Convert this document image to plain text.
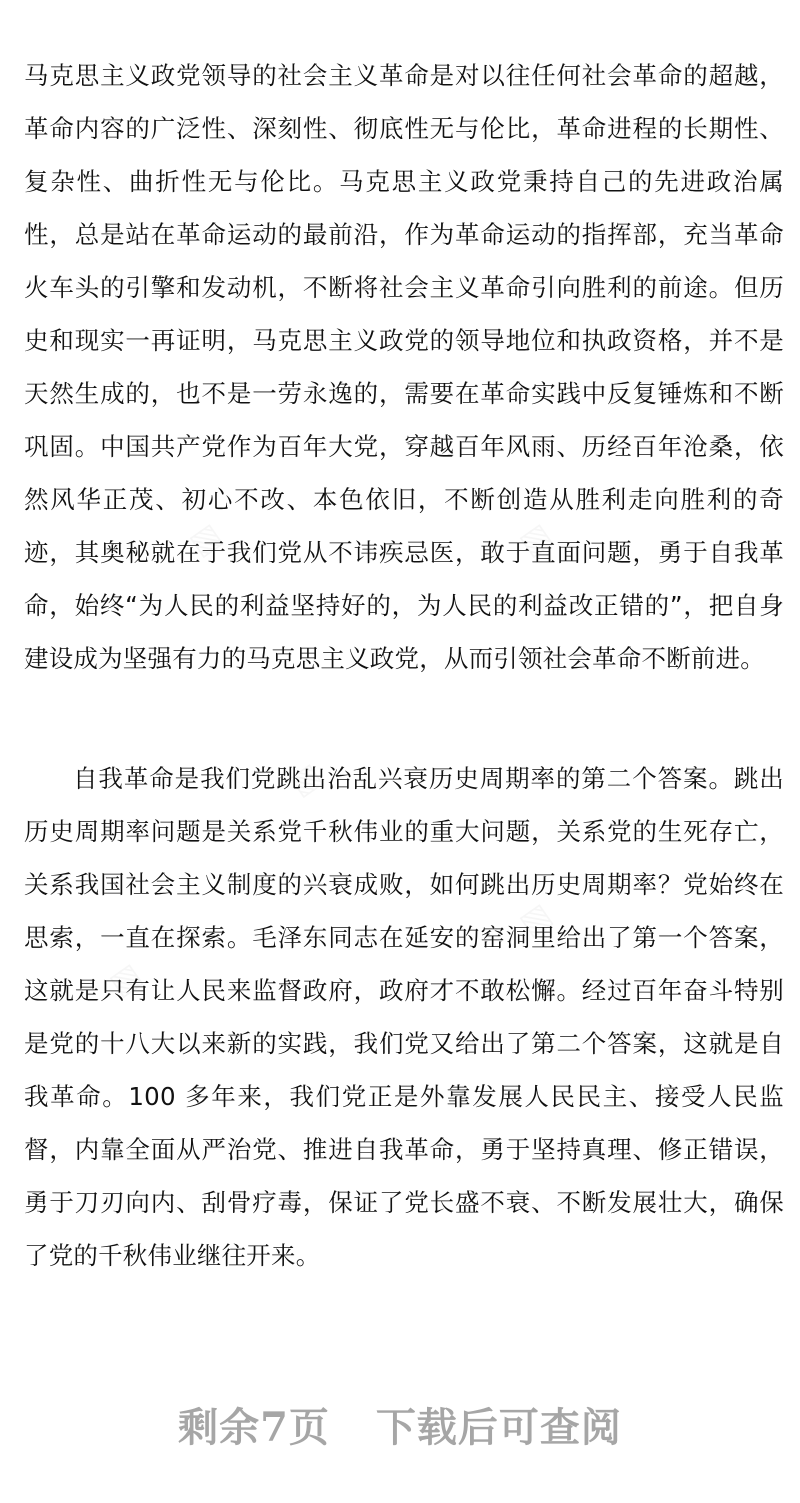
马克思主义政党领导的社会主义革命是对以往任何社会革命的超越，革命内容的广泛性、深刻性、彻底性无与伦比，革命进程的长期性、复杂性、曲折性无与伦比。马克思主义政党秉持自己的先进政治属性，总是站在革命运动的最前沿，作为革命运动的指挥部，充当革命火车头的引擎和发动机，不断将社会主义革命引向胜利的前途。但历史和现实一再证明，马克思主义政党的领导地位和执政资格，并不是天然生成的，也不是一劳永逸的，需要在革命实践中反复锤炼和不断巩固。中国共产党作为百年大党，穿越百年风雨、历经百年沧桑，依然风华正茂、初心不改、本色依旧，不断创造从胜利走向胜利的奇迹，其奥秘就在于我们党从不讳疾忌医，敢于直面问题，勇于自我革命，始终“为人民的利益坚持好的，为人民的利益改正错的”，把自身建设成为坚强有力的马克思主义政党，从而引领社会革命不断前进。

自我革命是我们党跳出治乱兴衰历史周期率的第二个答案。跳出历史周期率问题是关系党千秋伟业的重大问题，关系党的生死存亡，关系我国社会主义制度的兴衰成败，如何跳出历史周期率？党始终在思索，一直在探索。毛泽东同志在延安的窑洞里给出了第一个答案，这就是只有让人民来监督政府，政府才不敢松懈。经过百年奋斗特别是党的十八大以来新的实践，我们党又给出了第二个答案，这就是自我革命。100 多年来，我们党正是外靠发展人民民主、接受人民监督，内靠全面从严治党、推进自我革命，勇于坚持真理、修正错误，勇于刀刃向内、刮骨疗毒，保证了党长盛不衰、不断发展壮大，确保了党的千秋伟业继往开来。

剩余7页 下载后可查阅
